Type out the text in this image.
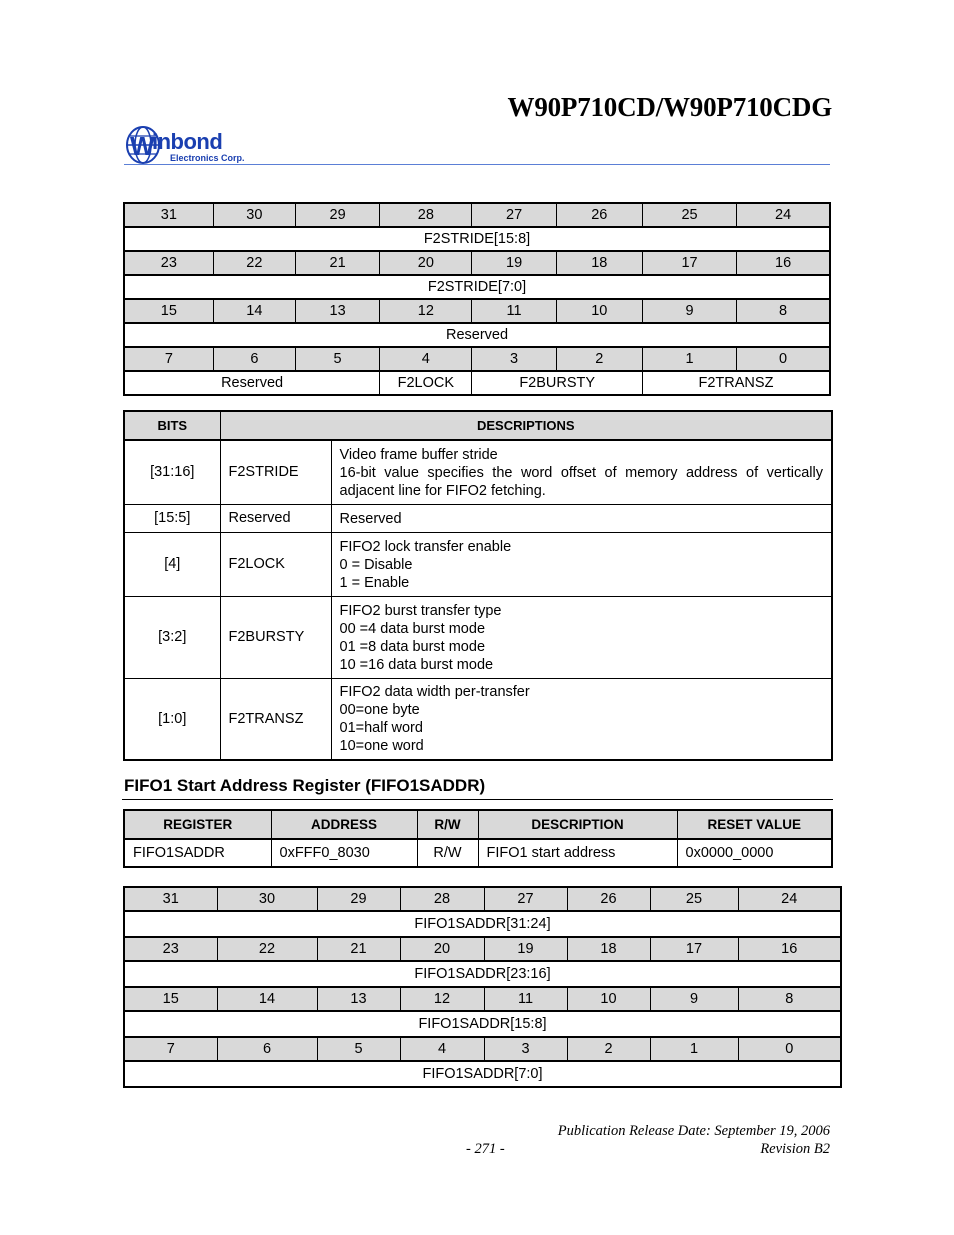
W90P710CD/W90P710CDG
W
inbond
Electronics Corp.
31	30	29	28	27	26	25	24
F2STRIDE[15:8]							
23	22	21	20	19	18	17	16
F2STRIDE[7:0]							
15	14	13	12	11	10	9	8
Reserved							
7	6	5	4	3	2	1	0
Reserved			F2LOCK	F2BURSTY		F2TRANSZ	
BITS	DESCRIPTIONS	
[31:16]	F2STRIDE	Video frame buffer stride
16-bit value specifies the word offset of memory address of vertically adjacent line for FIFO2 fetching.

[15:5]	Reserved	Reserved

[4]	F2LOCK	FIFO2 lock transfer enable
0 = Disable
1 = Enable

[3:2]	F2BURSTY	FIFO2 burst transfer type
00 =4 data burst mode
01 =8 data burst mode
10 =16 data burst mode

[1:0]	F2TRANSZ	FIFO2 data width per-transfer
00=one byte
01=half word
10=one word
FIFO1 Start Address Register (FIFO1SADDR)
REGISTER	ADDRESS	R/W	DESCRIPTION	RESET VALUE
FIFO1SADDR	0xFFF0_8030	R/W	FIFO1 start address	0x0000_0000
31	30	29	28	27	26	25	24
FIFO1SADDR[31:24]							
23	22	21	20	19	18	17	16
FIFO1SADDR[23:16]							
15	14	13	12	11	10	9	8
FIFO1SADDR[15:8]							
7	6	5	4	3	2	1	0
FIFO1SADDR[7:0]							
Publication Release Date: September 19, 2006
- 271 -	Revision B2
